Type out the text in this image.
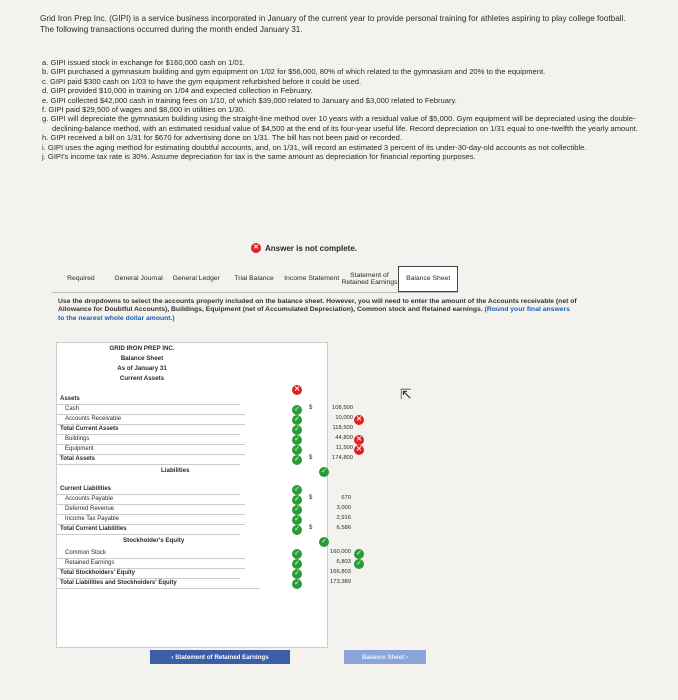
Grid Iron Prep Inc. (GIPI) is a service business incorporated in January of the current year to provide personal training for athletes aspiring to play college football. The following transactions occurred during the month ended January 31.
a. GIPI issued stock in exchange for $160,000 cash on 1/01.
b. GIPI purchased a gymnasium building and gym equipment on 1/02 for $56,000, 80% of which related to the gymnasium and 20% to the equipment.
c. GIPI paid $300 cash on 1/03 to have the gym equipment refurbished before it could be used.
d. GIPI provided $10,000 in training on 1/04 and expected collection in February.
e. GIPI collected $42,000 cash in training fees on 1/10, of which $39,000 related to January and $3,000 related to February.
f. GIPI paid $29,500 of wages and $8,000 in utilities on 1/30.
g. GIPI will depreciate the gymnasium building using the straight-line method over 10 years with a residual value of $5,000. Gym equipment will be depreciated using the double-declining-balance method, with an estimated residual value of $4,500 at the end of its four-year useful life. Record depreciation on 1/31 equal to one-twelfth the yearly amount.
h. GIPI received a bill on 1/31 for $670 for advertising done on 1/31. The bill has not been paid or recorded.
i. GIPI uses the aging method for estimating doubtful accounts, and, on 1/31, will record an estimated 3 percent of its under-30-day-old accounts as not collectible.
j. GIPI's income tax rate is 30%. Assume depreciation for tax is the same amount as depreciation for financial reporting purposes.
✕ Answer is not complete.
Required	General Journal	General Ledger	Trial Balance	Income Statement
Statement of Retained Earnings
Balance Sheet
Use the dropdowns to select the accounts properly included on the balance sheet. However, you will need to enter the amount of the Accounts receivable (net of Allowance for Doubtful Accounts), Buildings, Equipment (net of Accumulated Depreciation), Common stock and Retained earnings. (Round your final answers to the nearest whole dollar amount.)
GRID IRON PREP INC.
Balance Sheet
As of January 31
Current Assets
✕
Assets
Cash	✓	$	108,500
Accounts Receivable	✓	10,000 ✕
Total Current Assets	✓	118,500
Buildings	✓	44,800 ✕
Equipment	✓	11,500 ✕
Total Assets	✓	$	174,800
Liabilities	✓
Current Liabilities	✓
Accounts Payable	✓	$	670
Deferred Revenue	✓	3,000
Income Tax Payable	✓	2,916
Total Current Liabilities	✓	$	6,586
Stockholder's Equity	✓
Common Stock	✓	160,000 ✓
Retained Earnings	✓	6,803 ✓
Total Stockholders' Equity	✓	166,803
Total Liabilities and Stockholders' Equity	✓	173,389
‹ Statement of Retained Earnings	Balance Sheet ›
⇱
